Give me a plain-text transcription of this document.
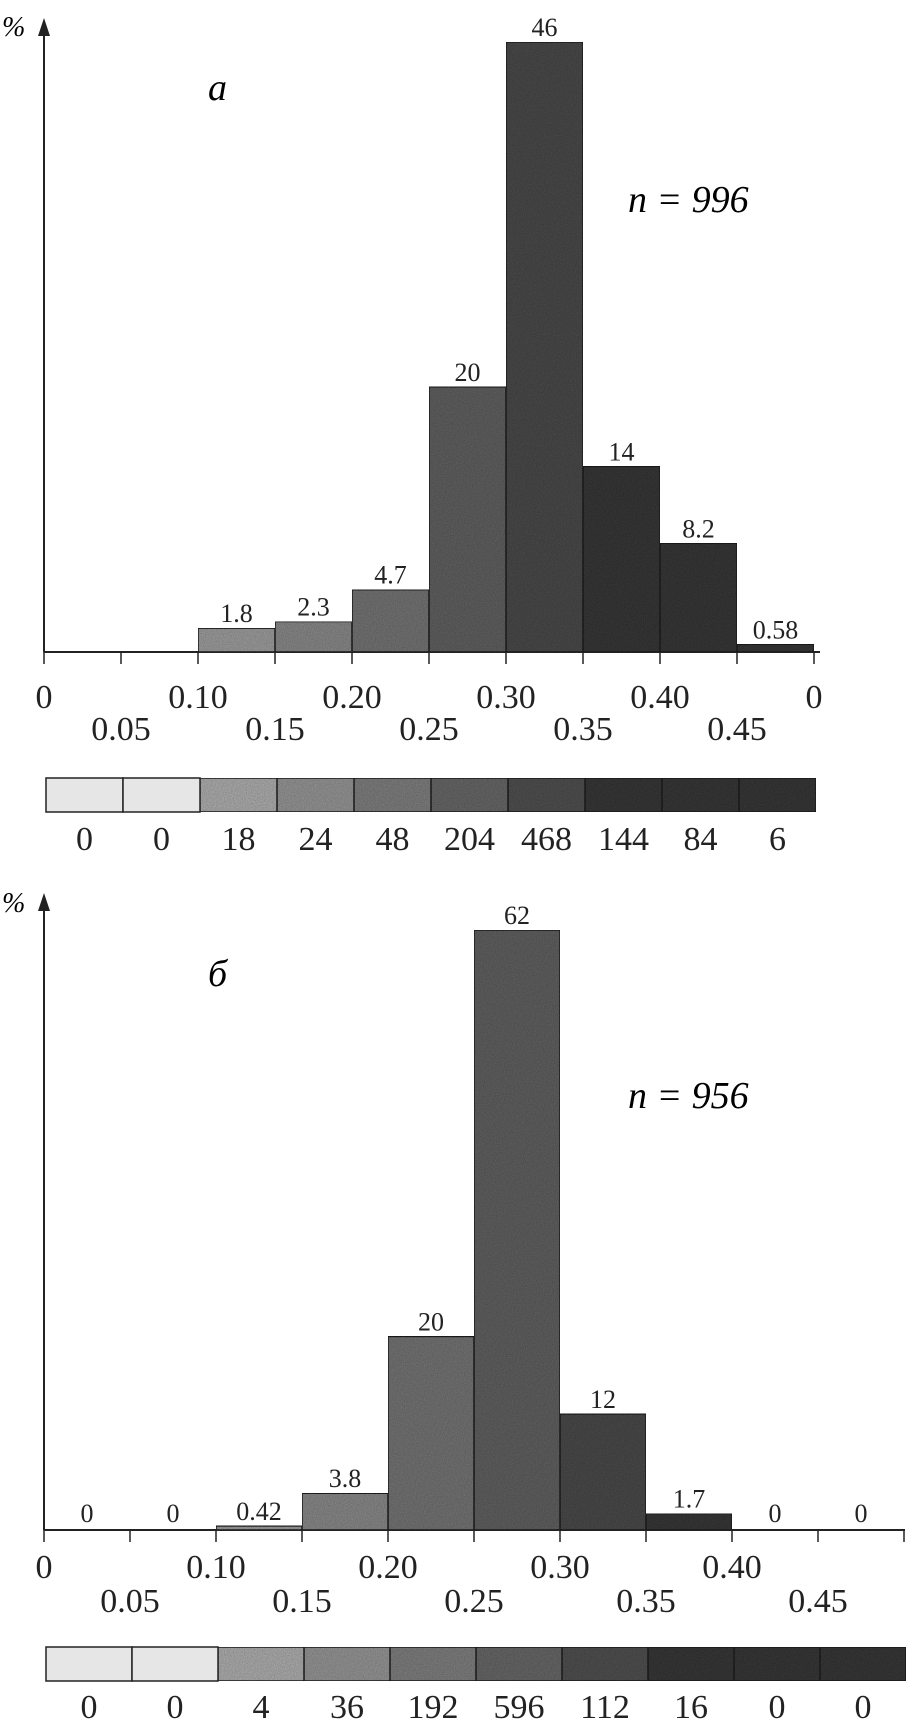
%
a
n = 996
1.8 2.3
4.7
20
46
14
8.2
0.58
0	0.10	0.20	0.30	0.40	0
0.05	0.15	0.25	0.35	0.45
0 0 18 24 48 204 468 144 84 6
%
б
n = 956
0	0 0.42
3.8
20
62
12
1.7 0	0
0	0.10	0.20	0.30	0.40
0.05	0.15	0.25	0.35	0.45
0 0 4 36 192 596 112 16 0 0
